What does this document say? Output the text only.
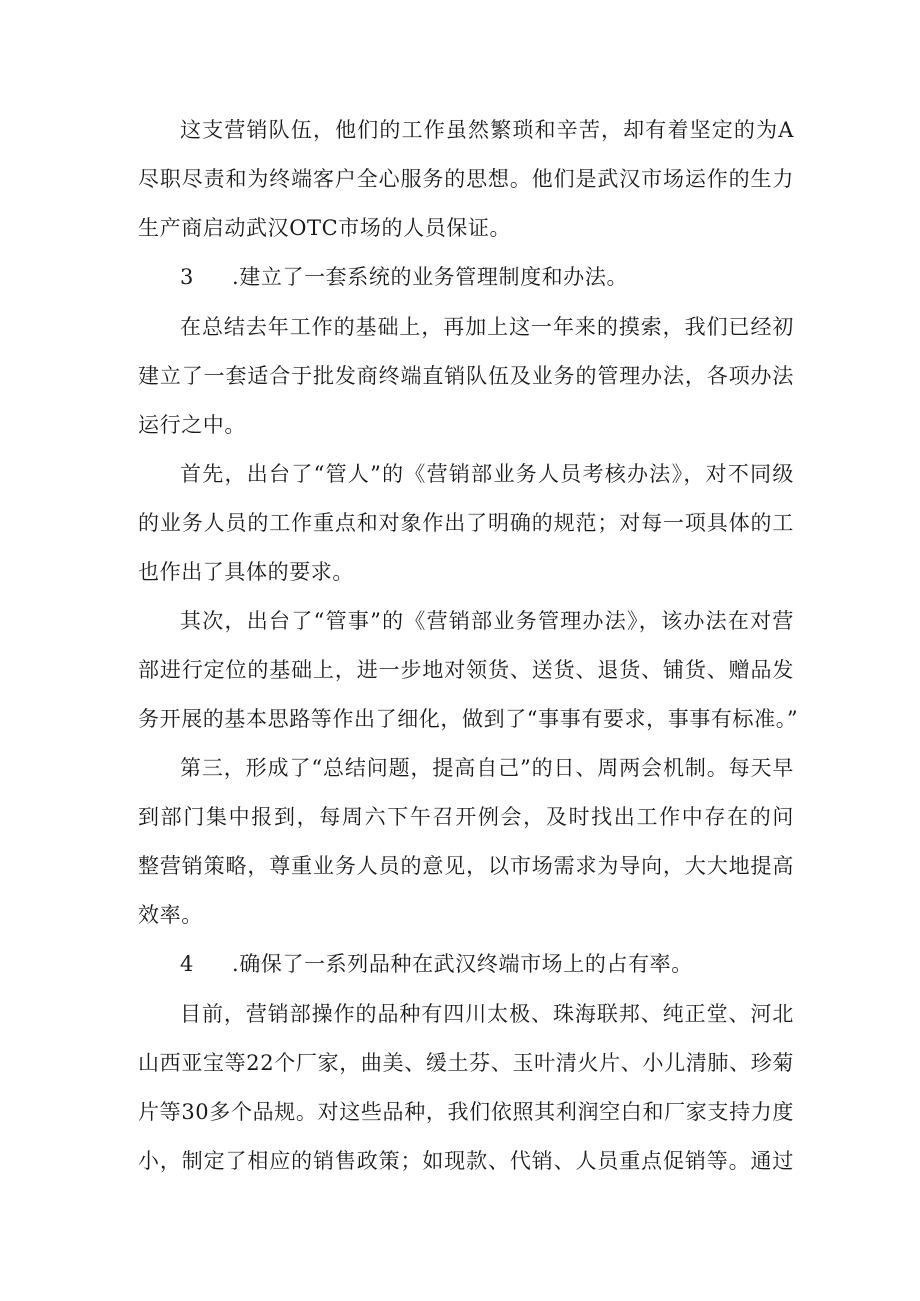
这支营销队伍，他们的工作虽然繁琐和辛苦，却有着坚定的为A
尽职尽责和为终端客户全心服务的思想。他们是武汉市场运作的生力
生产商启动武汉OTC市场的人员保证。
3 .建立了一套系统的业务管理制度和办法。
在总结去年工作的基础上，再加上这一年来的摸索，我们已经初
建立了一套适合于批发商终端直销队伍及业务的管理办法，各项办法
运行之中。
首先，出台了“管人”的《营销部业务人员考核办法》，对不同级
的业务人员的工作重点和对象作出了明确的规范；对每一项具体的工
也作出了具体的要求。
其次，出台了“管事”的《营销部业务管理办法》，该办法在对营
部进行定位的基础上，进一步地对领货、送货、退货、铺货、赠品发
务开展的基本思路等作出了细化，做到了“事事有要求，事事有标准。”
第三，形成了“总结问题，提高自己”的日、周两会机制。每天早
到部门集中报到，每周六下午召开例会，及时找出工作中存在的问
整营销策略，尊重业务人员的意见，以市场需求为导向，大大地提高
效率。
4 .确保了一系列品种在武汉终端市场上的占有率。
目前，营销部操作的品种有四川太极、珠海联邦、纯正堂、河北
山西亚宝等22个厂家，曲美、缓土芬、玉叶清火片、小儿清肺、珍菊
片等30多个品规。对这些品种，我们依照其利润空白和厂家支持力度
小，制定了相应的销售政策；如现款、代销、人员重点促销等。通过
